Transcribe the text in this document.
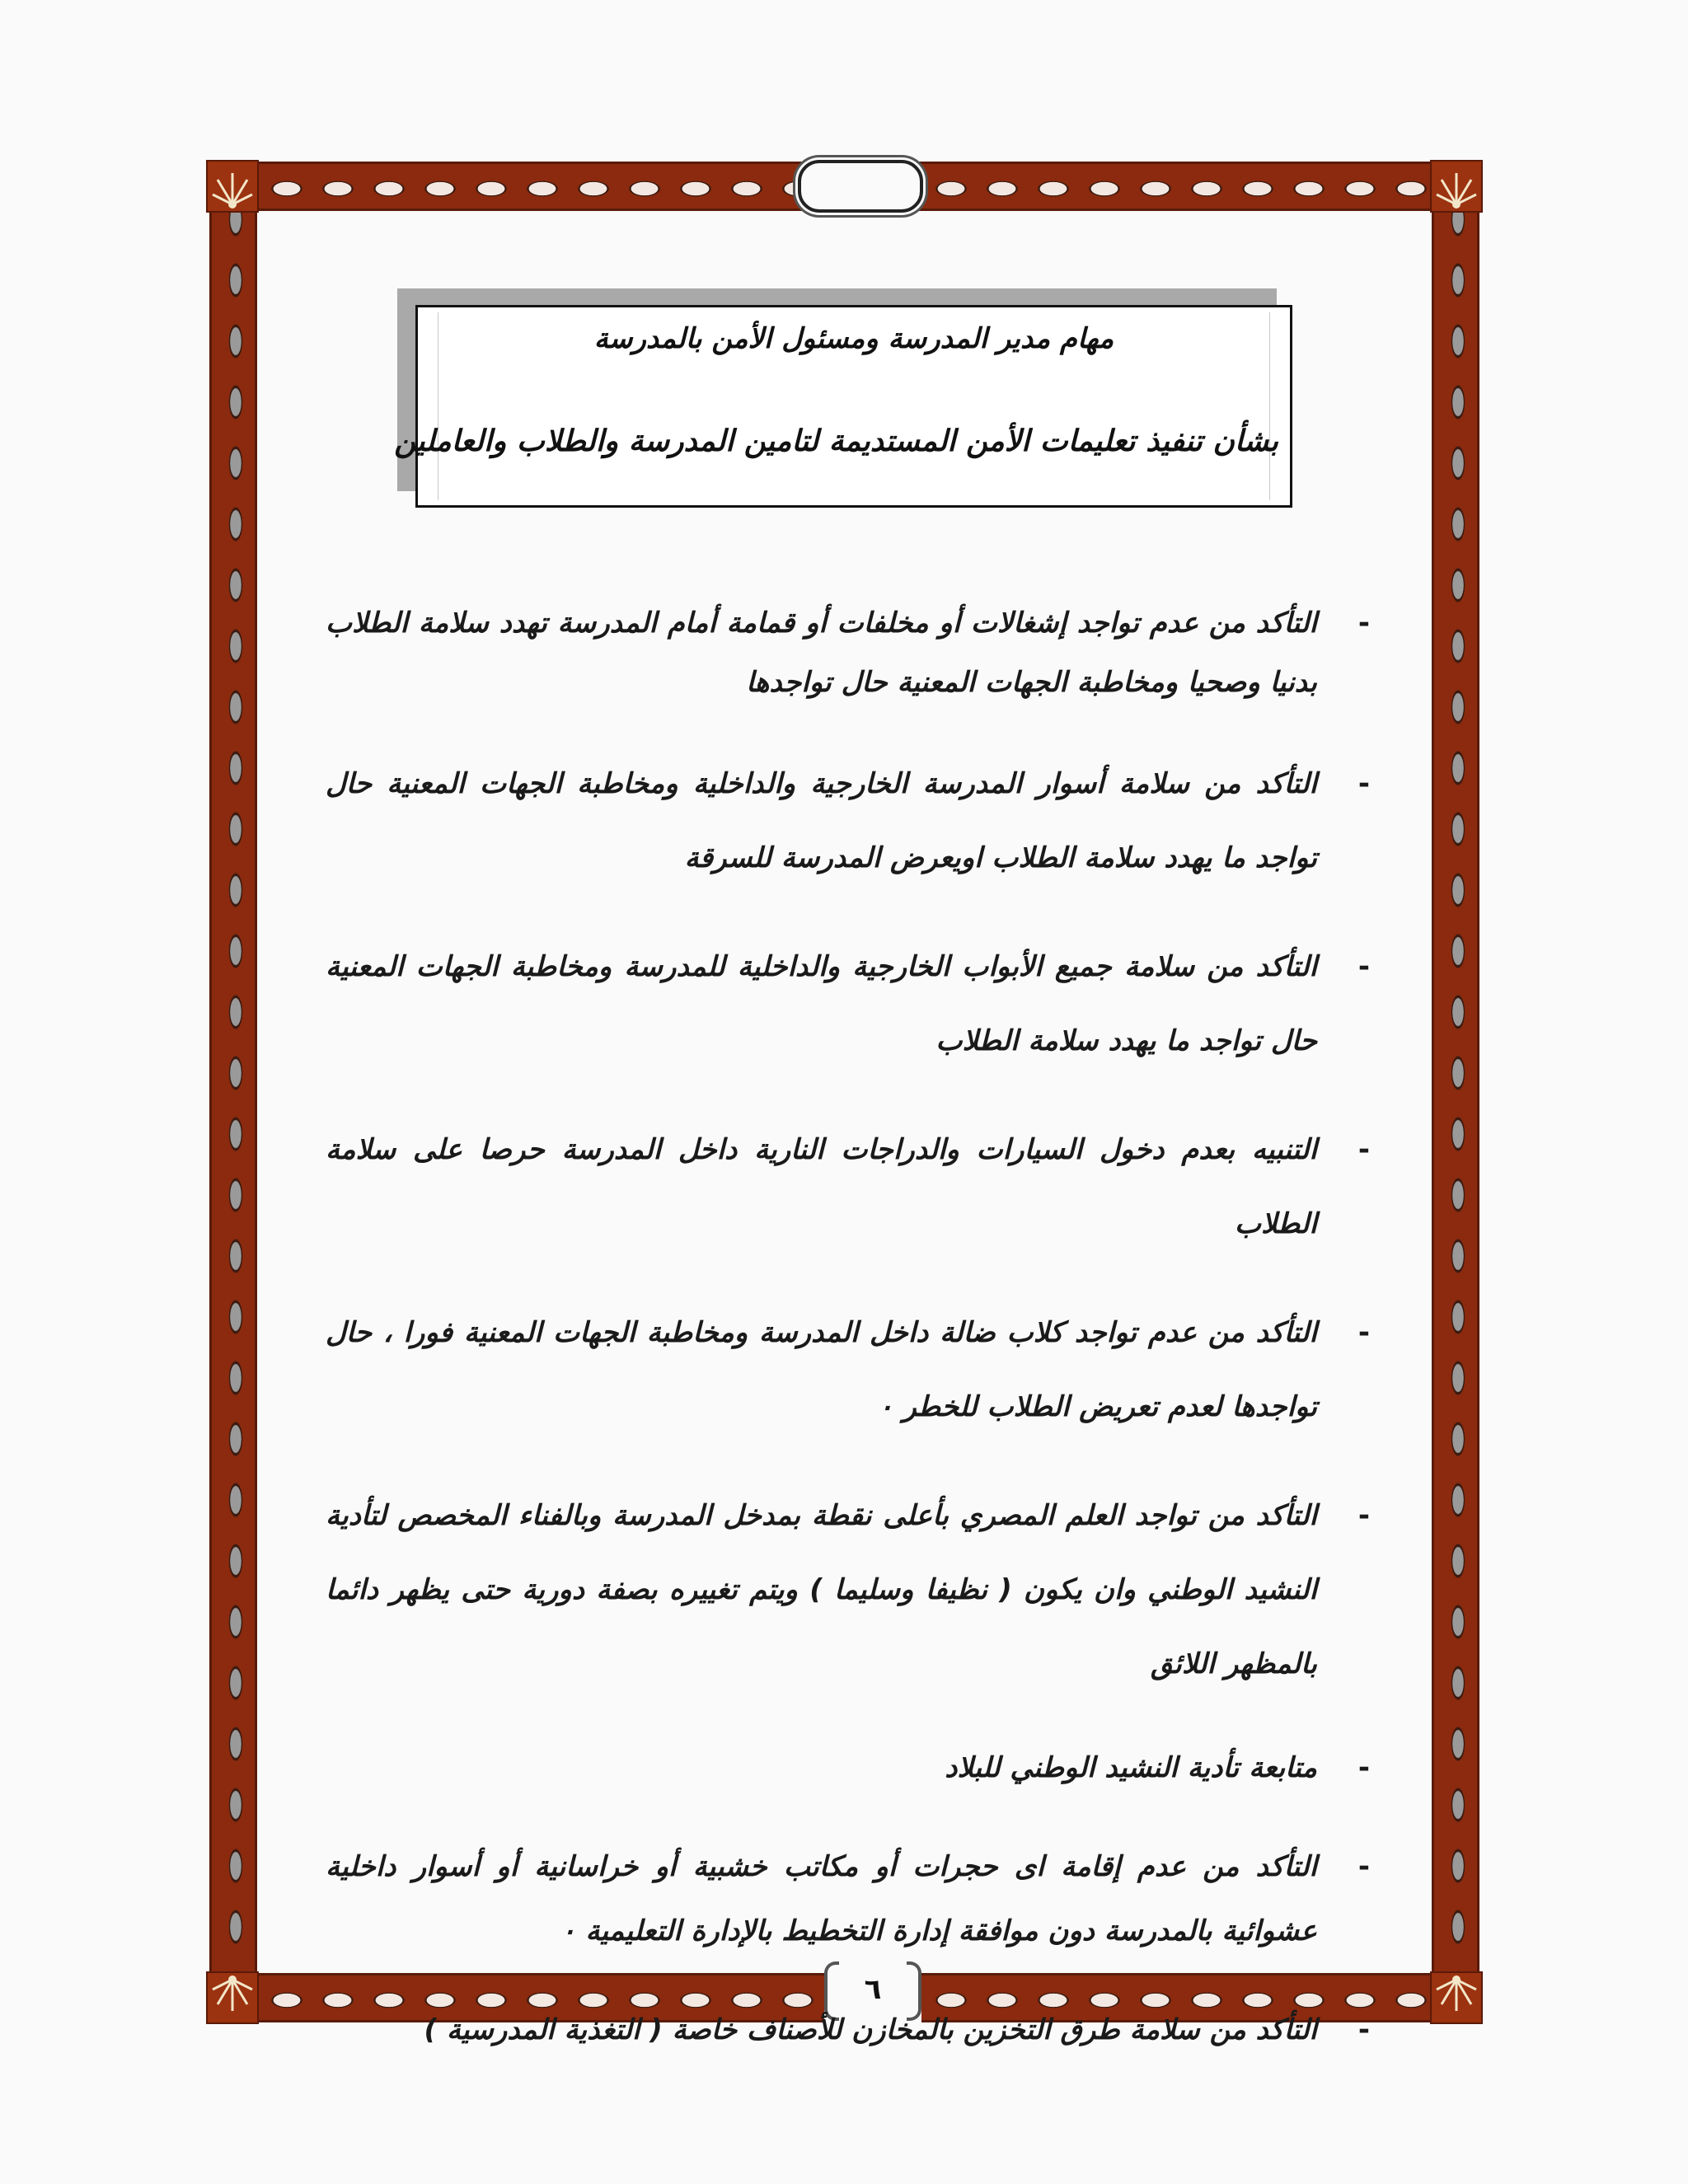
٦
مهام مدير المدرسة ومسئول الأمن بالمدرسة
بشأن تنفيذ تعليمات الأمن المستديمة لتامين المدرسة والطلاب والعاملين
-
التأكد من عدم تواجد إشغالات أو مخلفات أو قمامة أمام المدرسة تهدد سلامة الطلاب بدنيا وصحيا ومخاطبة الجهات المعنية حال تواجدها
-
التأكد من سلامة أسوار المدرسة الخارجية والداخلية ومخاطبة الجهات المعنية حال تواجد ما يهدد سلامة الطلاب اويعرض المدرسة للسرقة
-
التأكد من سلامة جميع الأبواب الخارجية والداخلية للمدرسة ومخاطبة الجهات المعنية حال تواجد ما يهدد سلامة الطلاب
-
التنبيه بعدم دخول السيارات والدراجات النارية داخل المدرسة حرصا على سلامة الطلاب
-
التأكد من عدم تواجد كلاب ضالة داخل المدرسة ومخاطبة الجهات المعنية فورا ، حال تواجدها لعدم تعريض الطلاب للخطر ٠
-
التأكد من تواجد العلم المصري بأعلى نقطة بمدخل المدرسة وبالفناء المخصص لتأدية النشيد الوطني وان يكون ( نظيفا وسليما ) ويتم تغييره بصفة دورية حتى يظهر دائما بالمظهر اللائق
-
متابعة تأدية النشيد الوطني للبلاد
-
التأكد من عدم إقامة اى حجرات أو مكاتب خشبية أو خراسانية أو أسوار داخلية عشوائية بالمدرسة دون موافقة إدارة التخطيط بالإدارة التعليمية ٠
-
التأكد من سلامة طرق التخزين بالمخازن للأصناف خاصة ( التغذية المدرسية )
